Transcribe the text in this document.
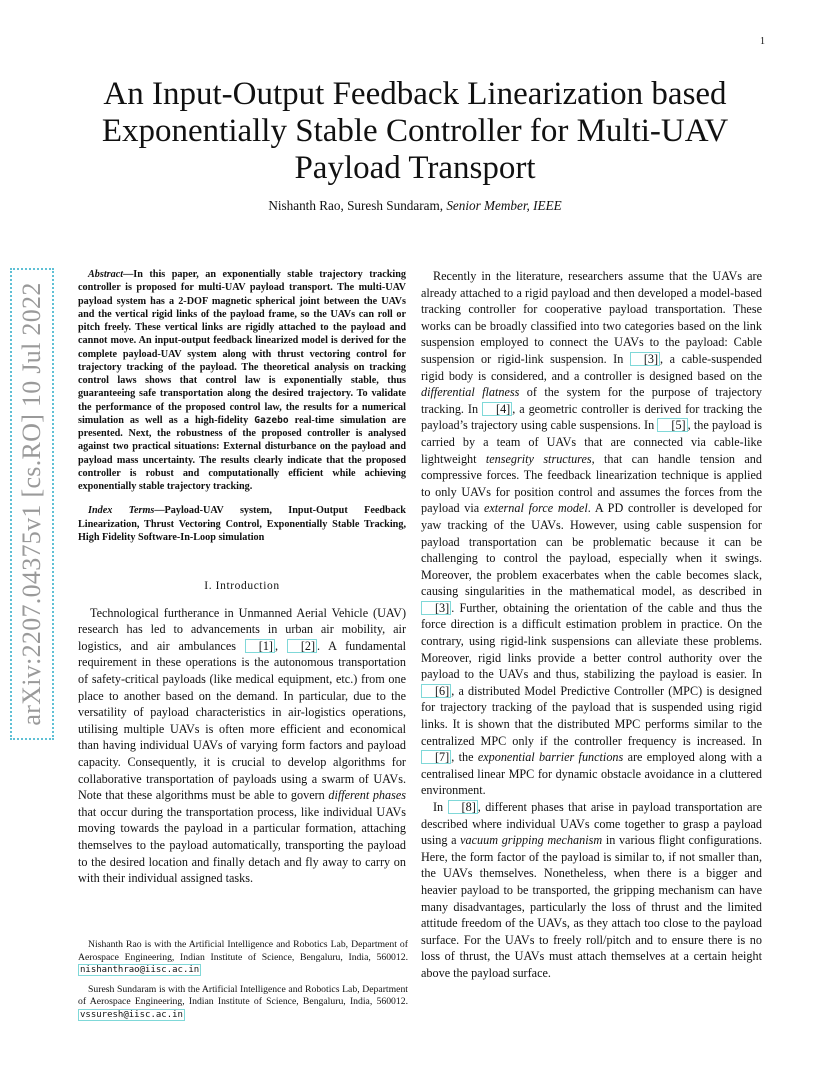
1
arXiv:2207.04375v1 [cs.RO] 10 Jul 2022
An Input-Output Feedback Linearization based
Exponentially Stable Controller for Multi-UAV
Payload Transport
Nishanth Rao, Suresh Sundaram, Senior Member, IEEE

Abstract—In this paper, an exponentially stable trajectory tracking controller is proposed for multi-UAV payload transport. The multi-UAV payload system has a 2-DOF magnetic spherical joint between the UAVs and the vertical rigid links of the payload frame, so the UAVs can roll or pitch freely. These vertical links are rigidly attached to the payload and cannot move. An input-output feedback linearized model is derived for the complete payload-UAV system along with thrust vectoring control for trajectory tracking of the payload. The theoretical analysis on tracking control laws shows that control law is exponentially stable, thus guaranteeing safe transportation along the desired trajectory. To validate the performance of the proposed control law, the results for a numerical simulation as well as a high-fidelity Gazebo real-time simulation are presented. Next, the robustness of the proposed controller is analysed against two practical situations: External disturbance on the payload and payload mass uncertainty. The results clearly indicate that the proposed controller is robust and computationally efficient while achieving exponentially stable trajectory tracking.

Index Terms—Payload-UAV system, Input-Output Feedback Linearization, Thrust Vectoring Control, Exponentially Stable Tracking, High Fidelity Software-In-Loop simulation

I. Introduction

Technological furtherance in Unmanned Aerial Vehicle (UAV) research has led to advancements in urban air mobility, air logistics, and air ambulances [1] , [2] . A fundamental requirement in these operations is the autonomous transportation of safety-critical payloads (like medical equipment, etc.) from one place to another based on the demand. In particular, due to the versatility of payload characteristics in air-logistics operations, utilising multiple UAVs is often more efficient and economical than having individual UAVs of varying form factors and payload capacity. Consequently, it is crucial to develop algorithms for collaborative transportation of payloads using a swarm of UAVs. Note that these algorithms must be able to govern different phases that occur during the transportation process, like individual UAVs moving towards the payload in a particular formation, attaching themselves to the payload automatically, transporting the payload to the desired location and finally detach and fly away to carry on with their individual assigned tasks.

Recently in the literature, researchers assume that the UAVs are already attached to a rigid payload and then developed a model-based tracking controller for cooperative payload transportation. These works can be broadly classified into two categories based on the link suspension employed to connect the UAVs to the payload: Cable suspension or rigid-link suspension. In [3] , a cable-suspended rigid body is considered, and a controller is designed based on the differential flatness of the system for the purpose of trajectory tracking. In [4] , a geometric controller is derived for tracking the payload’s trajectory using cable suspensions. In [5] , the payload is carried by a team of UAVs that are connected via cable-like lightweight tensegrity structures, that can handle tension and compressive forces. The feedback linearization technique is applied to only UAVs for position control and assumes the forces from the payload via external force model. A PD controller is developed for yaw tracking of the UAVs. However, using cable suspension for payload transportation can be problematic because it can be challenging to control the payload, especially when it swings. Moreover, the problem exacerbates when the cable becomes slack, causing singularities in the mathematical model, as described in [3] . Further, obtaining the orientation of the cable and thus the force direction is a difficult estimation problem in practice. On the contrary, using rigid-link suspensions can alleviate these problems. Moreover, rigid links provide a better control authority over the payload to the UAVs and thus, stabilizing the payload is easier. In [6] , a distributed Model Predictive Controller (MPC) is designed for trajectory tracking of the payload that is suspended using rigid links. It is shown that the distributed MPC performs similar to the centralized MPC only if the controller frequency is increased. In [7] , the exponential barrier functions are employed along with a centralised linear MPC for dynamic obstacle avoidance in a cluttered environment.

In [8] , different phases that arise in payload transportation are described where individual UAVs come together to grasp a payload using a vacuum gripping mechanism in various flight configurations. Here, the form factor of the payload is similar to, if not smaller than, the UAVs themselves. Nonetheless, when there is a bigger and heavier payload to be transported, the gripping mechanism can have many disadvantages, particularly the loss of thrust and the limited attitude freedom of the UAVs, as they attach too close to the payload surface. For the UAVs to freely roll/pitch and to ensure there is no loss of thrust, the UAVs must attach themselves at a certain height above the payload surface.

Nishanth Rao is with the Artificial Intelligence and Robotics Lab, Department of Aerospace Engineering, Indian Institute of Science, Bengaluru, India, 560012. nishanthrao@iisc.ac.in

Suresh Sundaram is with the Artificial Intelligence and Robotics Lab, Department of Aerospace Engineering, Indian Institute of Science, Bengaluru, India, 560012. vssuresh@iisc.ac.in
